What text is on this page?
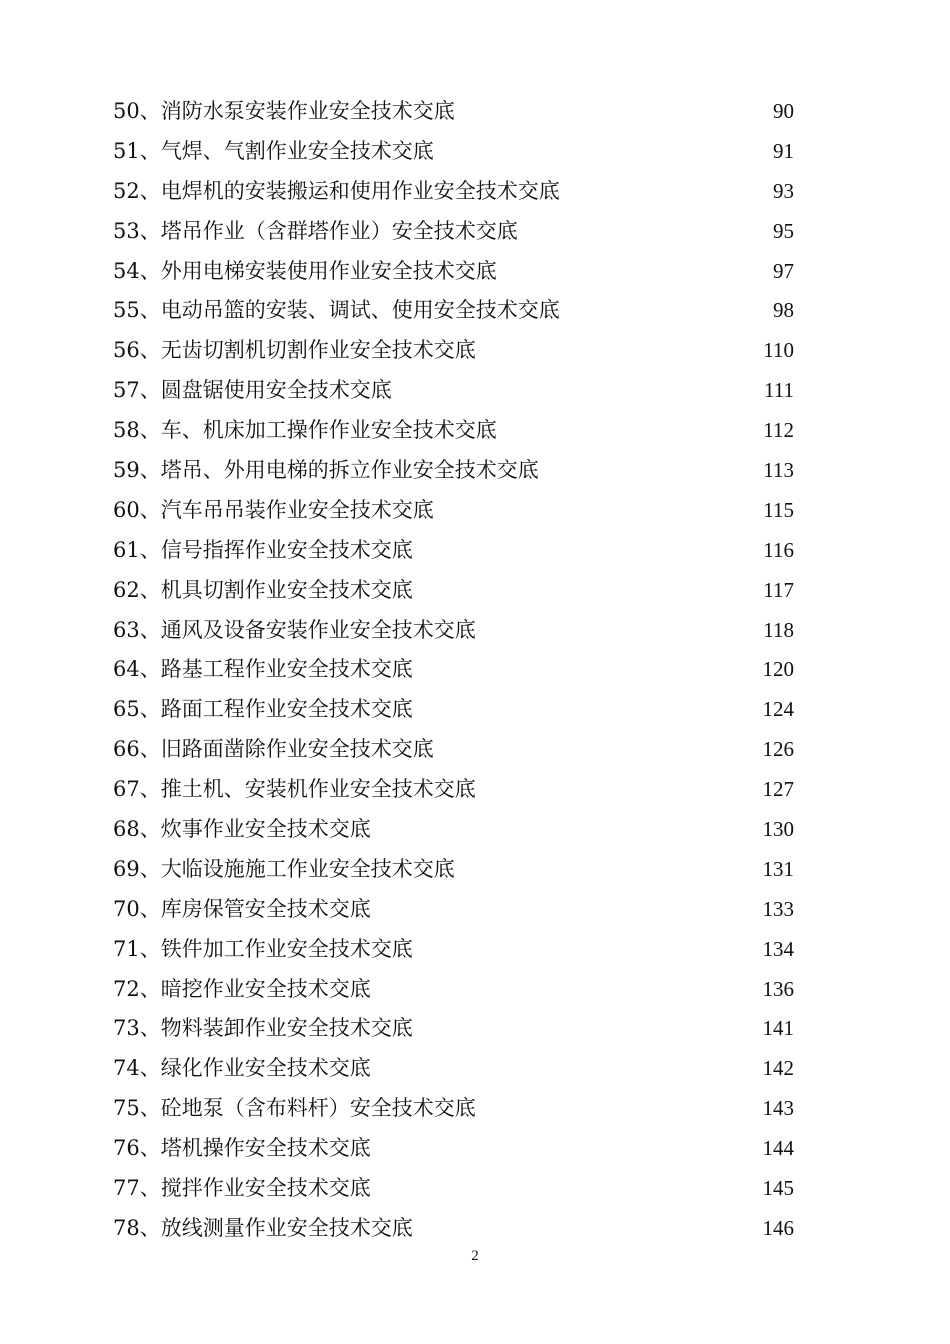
50、消防水泵安装作业安全技术交底	90
51、气焊、气割作业安全技术交底	91
52、电焊机的安装搬运和使用作业安全技术交底	93
53、塔吊作业（含群塔作业）安全技术交底	95
54、外用电梯安装使用作业安全技术交底	97
55、电动吊篮的安装、调试、使用安全技术交底	98
56、无齿切割机切割作业安全技术交底	110
57、圆盘锯使用安全技术交底	111
58、车、机床加工操作作业安全技术交底	112
59、塔吊、外用电梯的拆立作业安全技术交底	113
60、汽车吊吊装作业安全技术交底	115
61、信号指挥作业安全技术交底	116
62、机具切割作业安全技术交底	117
63、通风及设备安装作业安全技术交底	118
64、路基工程作业安全技术交底	120
65、路面工程作业安全技术交底	124
66、旧路面凿除作业安全技术交底	126
67、推土机、安装机作业安全技术交底	127
68、炊事作业安全技术交底	130
69、大临设施施工作业安全技术交底	131
70、库房保管安全技术交底	133
71、铁件加工作业安全技术交底	134
72、暗挖作业安全技术交底	136
73、物料装卸作业安全技术交底	141
74、绿化作业安全技术交底	142
75、砼地泵（含布料杆）安全技术交底	143
76、塔机操作安全技术交底	144
77、搅拌作业安全技术交底	145
78、放线测量作业安全技术交底	146
2
